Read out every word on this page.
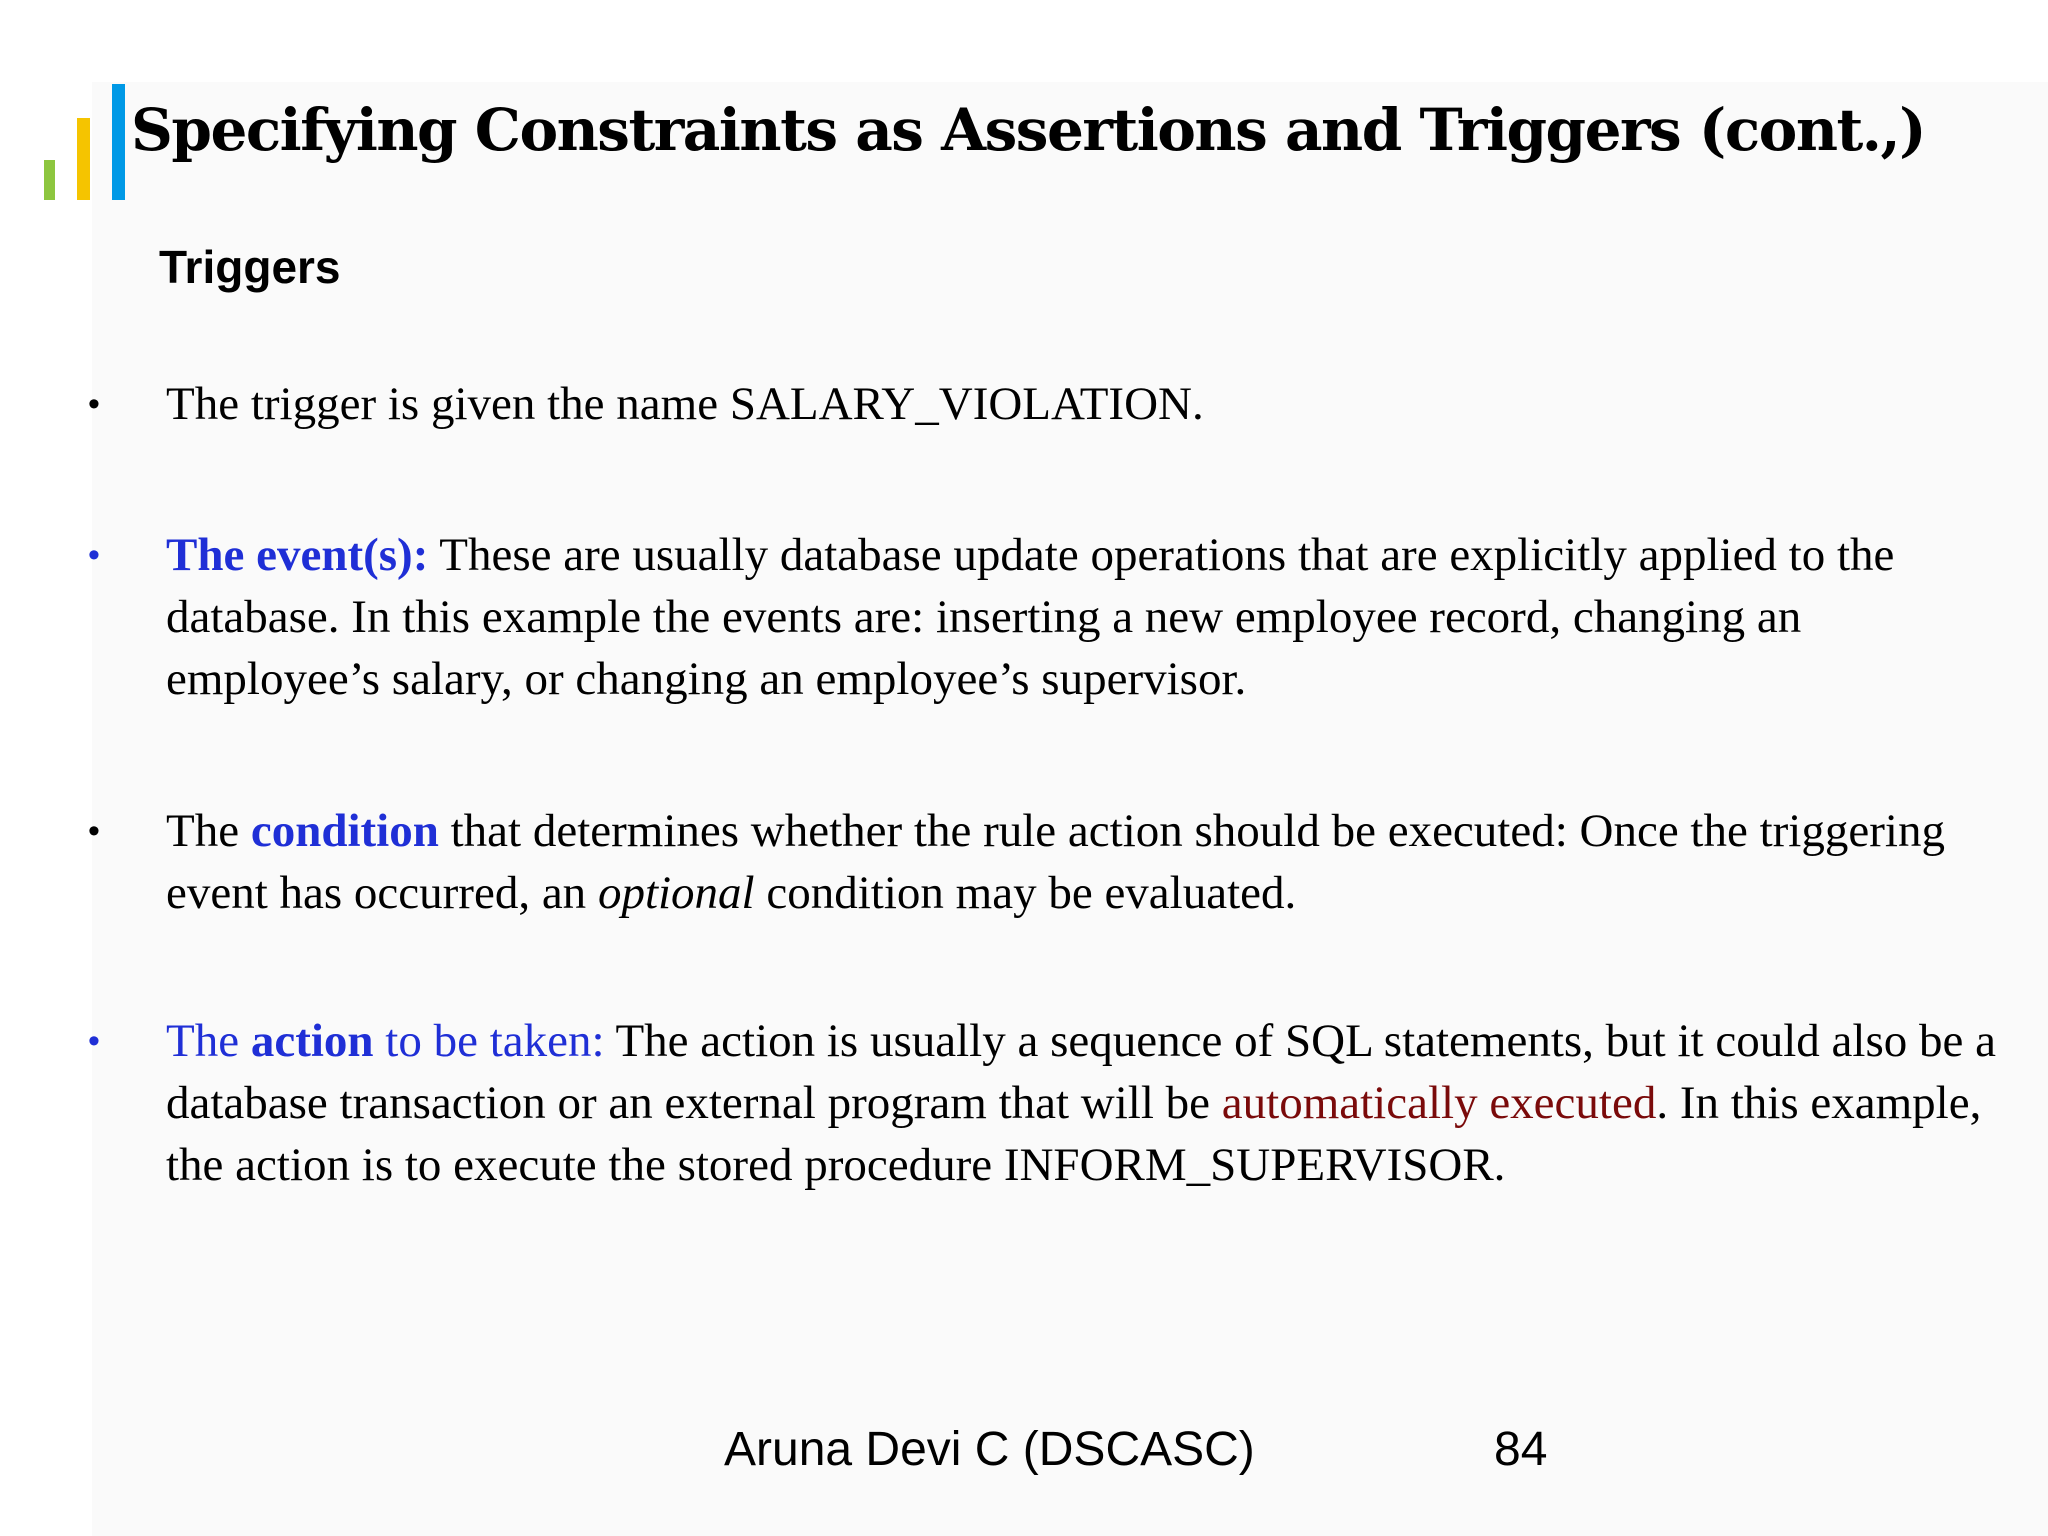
Specifying Constraints as Assertions and Triggers (cont.,)
Triggers
• The trigger is given the name SALARY_VIOLATION.
• The event(s): These are usually database update operations that are explicitly applied to the database. In this example the events are: inserting a new employee record, changing an employee’s salary, or changing an employee’s supervisor.
• The condition that determines whether the rule action should be executed: Once the triggering event has occurred, an optional condition may be evaluated.
• The action to be taken: The action is usually a sequence of SQL statements, but it could also be a database transaction or an external program that will be automatically executed. In this example, the action is to execute the stored procedure INFORM_SUPERVISOR.
Aruna Devi C (DSCASC)	84
